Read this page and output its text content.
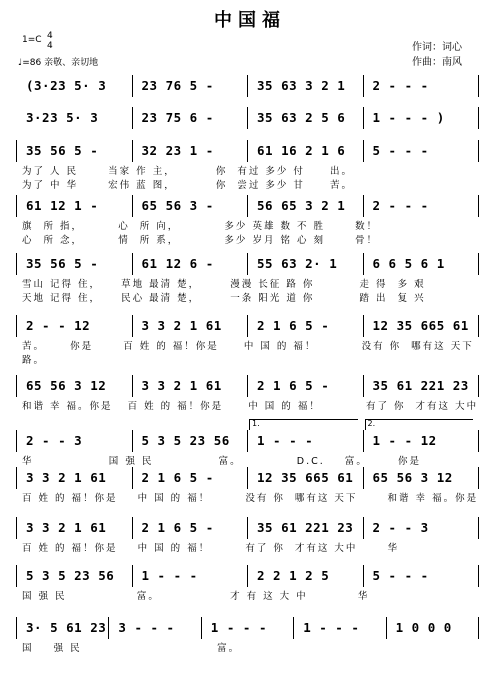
中国福
1=C 4
4
♩=86 亲敬、亲切地
作词：词心
作曲：南风
(3·23 5· 3	23 76 5 -	35 63 3 2 1 2 - - -
3·23 5· 3	23 75 6 -	35 63 2 5 6 1 - - - )
35 56 5 -	32 23 1 -	61 16 2 1 6 5 - - -
为了 人 民      当家 作 主，        你  有过 多少 付     出。
为了 中 华      宏伟 蓝 图，        你  尝过 多少 甘     苦。
61 12 1 -	65 56 3 -	56 65 3 2 1 2 - - -
旗  所 指，       心  所 向，         多少 英雄 数 不 胜      数！
心  所 念，       情  所 系，         多少 岁月 铭 心 刻      骨！
35 56 5 -	61 12 6 -	55 63 2· 1	6 6 5 6 1
雪山 记得 住，    草地 最清 楚，      漫漫 长征 路 你         走 得  多 艰
天地 记得 住，    民心 最清 楚，      一条 阳光 道 你         踏 出  复 兴
2 - - 12	3 3 2 1 61	2 1 6 5 -	12 35 665 61
苦。     你是      百 姓 的 福！你是     中 国 的 福！         没有 你  哪有这 天下
路。
65 56 3 12	3 3 2 1 61	2 1 6 5 -	35 61 221 23
和谐 幸 福。你是   百 姓 的 福！你是     中 国 的 福！         有了 你  才有这 大中
2 - - 3	5 3 5 23 56 1 - - -	1 - - 12
华               国 强 民             富。           D.C.    富。      你是
1.	2.
3 3 2 1 61	2 1 6 5 -	12 35 665 61 65 56 3 12
百 姓 的 福！你是    中 国 的 福！       没有 你  哪有这 天下      和谐 幸 福。你是
3 3 2 1 61	2 1 6 5 -	35 61 221 23 2 - - 3
百 姓 的 福！你是    中 国 的 福！       有了 你  才有这 大中      华
5 3 5 23 56 1 - - -	2 2 1 2 5	5 - - -
国 强 民              富。              才 有 这 大 中          华
3· 5 61 23 3 - - -	1 - - -	1 - - -	1 0 0 0
国    强 民                           富。
